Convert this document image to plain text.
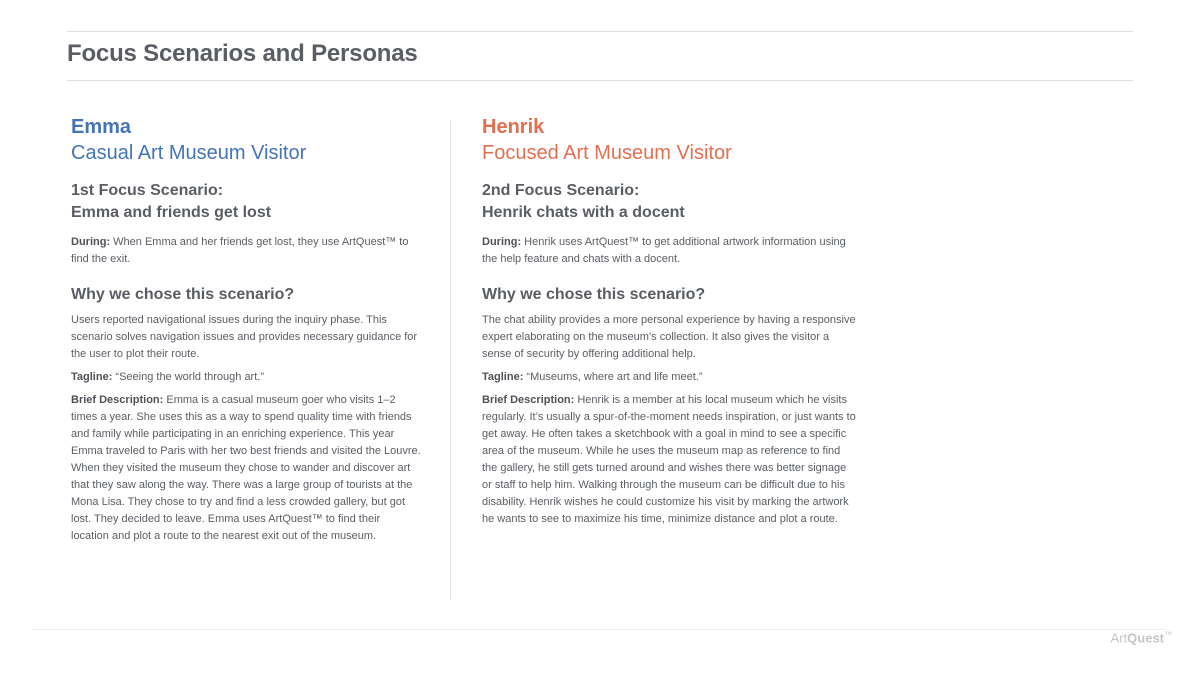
Focus Scenarios and Personas
Emma
Casual Art Museum Visitor
1st Focus Scenario:
Emma and friends get lost

During: When Emma and her friends get lost, they use ArtQuest™ to find the exit.

Why we chose this scenario?

Users reported navigational issues during the inquiry phase. This scenario solves navigation issues and provides necessary guidance for the user to plot their route.

Tagline: “Seeing the world through art.”

Brief Description: Emma is a casual museum goer who visits 1–2 times a year. She uses this as a way to spend quality time with friends and family while participating in an enriching experience. This year Emma traveled to Paris with her two best friends and visited the Louvre. When they visited the museum they chose to wander and discover art that they saw along the way. There was a large group of tourists at the Mona Lisa. They chose to try and find a less crowded gallery, but got lost. They decided to leave. Emma uses ArtQuest™ to find their location and plot a route to the nearest exit out of the museum.

Henrik
Focused Art Museum Visitor
2nd Focus Scenario:
Henrik chats with a docent

During: Henrik uses ArtQuest™ to get additional artwork information using the help feature and chats with a docent.

Why we chose this scenario?

The chat ability provides a more personal experience by having a responsive expert elaborating on the museum’s collection. It also gives the visitor a sense of security by offering additional help.

Tagline: “Museums, where art and life meet.”

Brief Description: Henrik is a member at his local museum which he visits regularly. It’s usually a spur-of-the-moment needs inspiration, or just wants to get away. He often takes a sketchbook with a goal in mind to see a specific area of the museum. While he uses the museum map as reference to find the gallery, he still gets turned around and wishes there was better signage or staff to help him. Walking through the museum can be difficult due to his disability. Henrik wishes he could customize his visit by marking the artwork he wants to see to maximize his time, minimize distance and plot a route.

ArtQuest™
